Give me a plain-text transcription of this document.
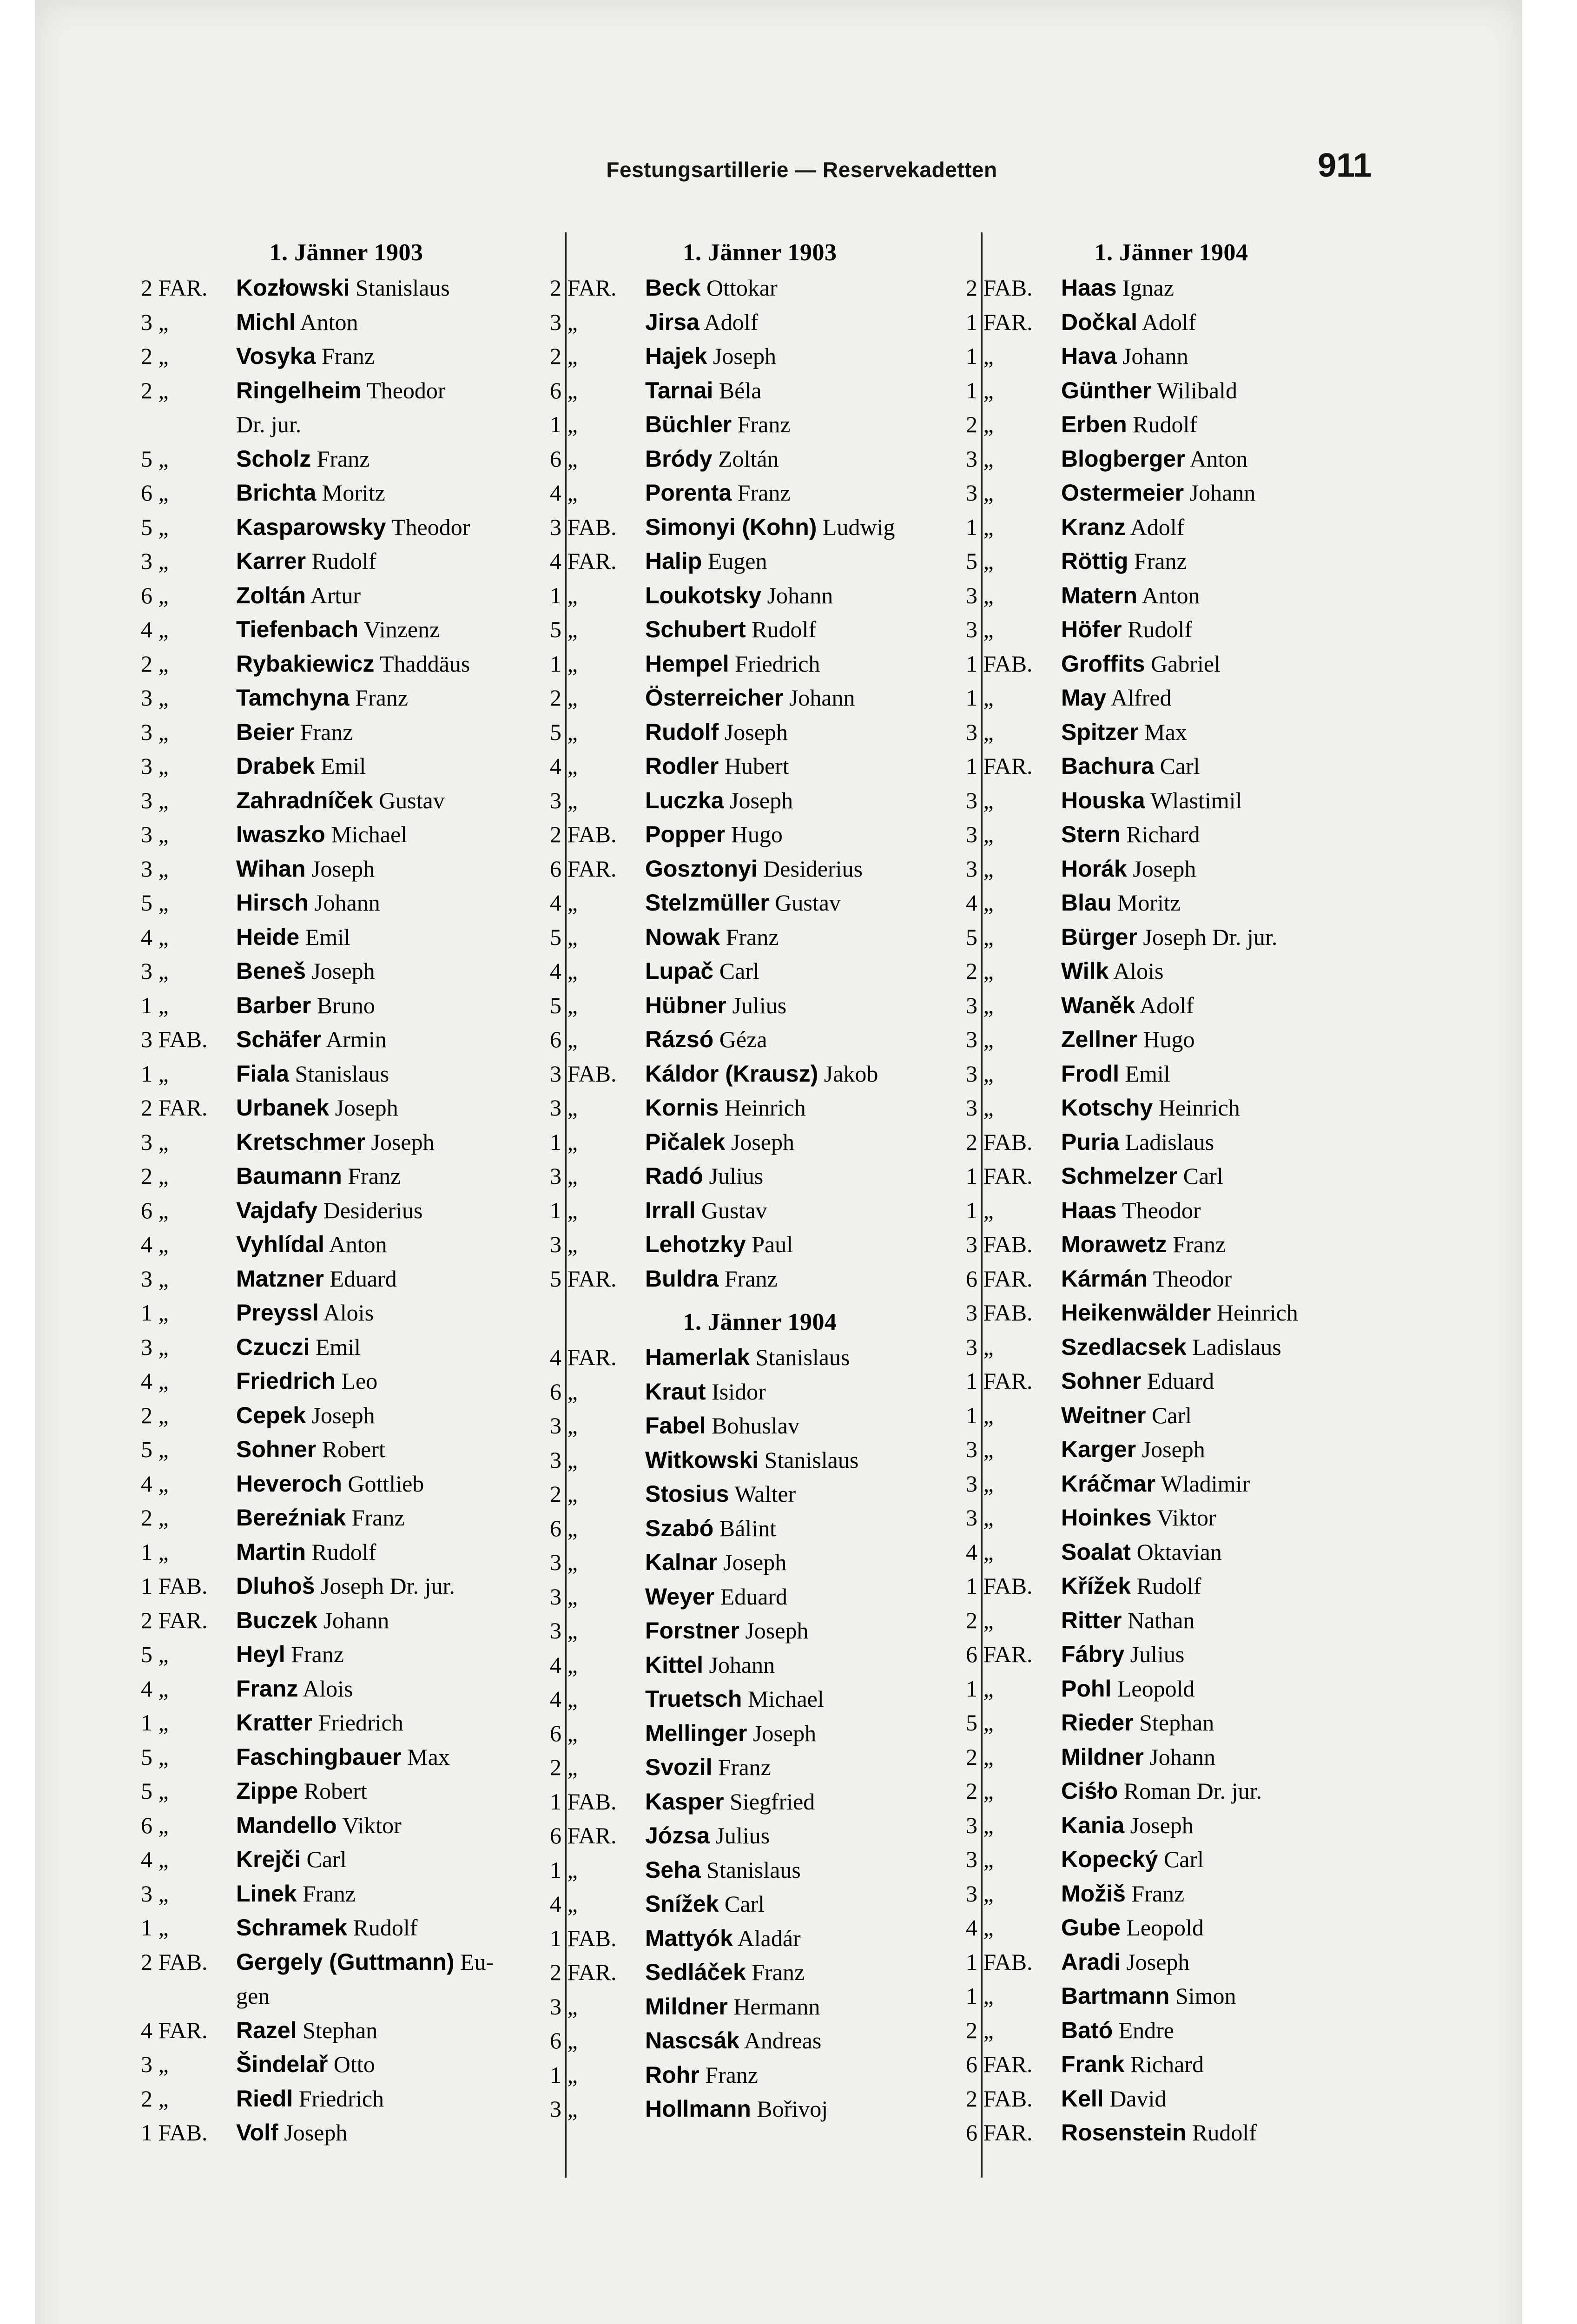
Festungsartillerie — Reservekadetten	911
1. Jänner 1903
2 FAR.	Kozłowski Stanislaus
3 „	Michl Anton
2 „	Vosyka Franz
2 „	Ringelheim Theodor
Dr. jur.
5 „	Scholz Franz
6 „	Brichta Moritz
5 „	Kasparowsky Theodor
3 „	Karrer Rudolf
6 „	Zoltán Artur
4 „	Tiefenbach Vinzenz
2 „	Rybakiewicz Thaddäus
3 „	Tamchyna Franz
3 „	Beier Franz
3 „	Drabek Emil
3 „	Zahradníček Gustav
3 „	Iwaszko Michael
3 „	Wihan Joseph
5 „	Hirsch Johann
4 „	Heide Emil
3 „	Beneš Joseph
1 „	Barber Bruno
3 FAB.	Schäfer Armin
1 „	Fiala Stanislaus
2 FAR.	Urbanek Joseph
3 „	Kretschmer Joseph
2 „	Baumann Franz
6 „	Vajdafy Desiderius
4 „	Vyhlídal Anton
3 „	Matzner Eduard
1 „	Preyssl Alois
3 „	Czuczi Emil
4 „	Friedrich Leo
2 „	Cepek Joseph
5 „	Sohner Robert
4 „	Heveroch Gottlieb
2 „	Bereźniak Franz
1 „	Martin Rudolf
1 FAB.	Dluhoš Joseph Dr. jur.
2 FAR.	Buczek Johann
5 „	Heyl Franz
4 „	Franz Alois
1 „	Kratter Friedrich
5 „	Faschingbauer Max
5 „	Zippe Robert
6 „	Mandello Viktor
4 „	Krejči Carl
3 „	Linek Franz
1 „	Schramek Rudolf
2 FAB.	Gergely (Guttmann) Eu-
gen
4 FAR.	Razel Stephan
3 „	Šindelař Otto
2 „	Riedl Friedrich
1 FAB.	Volf Joseph
1. Jänner 1903
2 FAR.	Beck Ottokar
3 „	Jirsa Adolf
2 „	Hajek Joseph
6 „	Tarnai Béla
1 „	Büchler Franz
6 „	Bródy Zoltán
4 „	Porenta Franz
3 FAB.	Simonyi (Kohn) Ludwig
4 FAR.	Halip Eugen
1 „	Loukotsky Johann
5 „	Schubert Rudolf
1 „	Hempel Friedrich
2 „	Österreicher Johann
5 „	Rudolf Joseph
4 „	Rodler Hubert
3 „	Luczka Joseph
2 FAB.	Popper Hugo
6 FAR.	Gosztonyi Desiderius
4 „	Stelzmüller Gustav
5 „	Nowak Franz
4 „	Lupač Carl
5 „	Hübner Julius
6 „	Rázsó Géza
3 FAB.	Káldor (Krausz) Jakob
3 „	Kornis Heinrich
1 „	Pičalek Joseph
3 „	Radó Julius
1 „	Irrall Gustav
3 „	Lehotzky Paul
5 FAR.	Buldra Franz
1. Jänner 1904
4 FAR.	Hamerlak Stanislaus
6 „	Kraut Isidor
3 „	Fabel Bohuslav
3 „	Witkowski Stanislaus
2 „	Stosius Walter
6 „	Szabó Bálint
3 „	Kalnar Joseph
3 „	Weyer Eduard
3 „	Forstner Joseph
4 „	Kittel Johann
4 „	Truetsch Michael
6 „	Mellinger Joseph
2 „	Svozil Franz
1 FAB.	Kasper Siegfried
6 FAR.	Józsa Julius
1 „	Seha Stanislaus
4 „	Snížek Carl
1 FAB.	Mattyók Aladár
2 FAR.	Sedláček Franz
3 „	Mildner Hermann
6 „	Nascsák Andreas
1 „	Rohr Franz
3 „	Hollmann Bořivoj
1. Jänner 1904
2 FAB.	Haas Ignaz
1 FAR.	Dočkal Adolf
1 „	Hava Johann
1 „	Günther Wilibald
2 „	Erben Rudolf
3 „	Blogberger Anton
3 „	Ostermeier Johann
1 „	Kranz Adolf
5 „	Röttig Franz
3 „	Matern Anton
3 „	Höfer Rudolf
1 FAB.	Groffits Gabriel
1 „	May Alfred
3 „	Spitzer Max
1 FAR.	Bachura Carl
3 „	Houska Wlastimil
3 „	Stern Richard
3 „	Horák Joseph
4 „	Blau Moritz
5 „	Bürger Joseph Dr. jur.
2 „	Wilk Alois
3 „	Waněk Adolf
3 „	Zellner Hugo
3 „	Frodl Emil
3 „	Kotschy Heinrich
2 FAB.	Puria Ladislaus
1 FAR.	Schmelzer Carl
1 „	Haas Theodor
3 FAB.	Morawetz Franz
6 FAR.	Kármán Theodor
3 FAB.	Heikenwälder Heinrich
3 „	Szedlacsek Ladislaus
1 FAR.	Sohner Eduard
1 „	Weitner Carl
3 „	Karger Joseph
3 „	Kráčmar Wladimir
3 „	Hoinkes Viktor
4 „	Soalat Oktavian
1 FAB.	Křížek Rudolf
2 „	Ritter Nathan
6 FAR.	Fábry Julius
1 „	Pohl Leopold
5 „	Rieder Stephan
2 „	Mildner Johann
2 „	Ciśło Roman Dr. jur.
3 „	Kania Joseph
3 „	Kopecký Carl
3 „	Možiš Franz
4 „	Gube Leopold
1 FAB.	Aradi Joseph
1 „	Bartmann Simon
2 „	Bató Endre
6 FAR.	Frank Richard
2 FAB.	Kell David
6 FAR.	Rosenstein Rudolf
